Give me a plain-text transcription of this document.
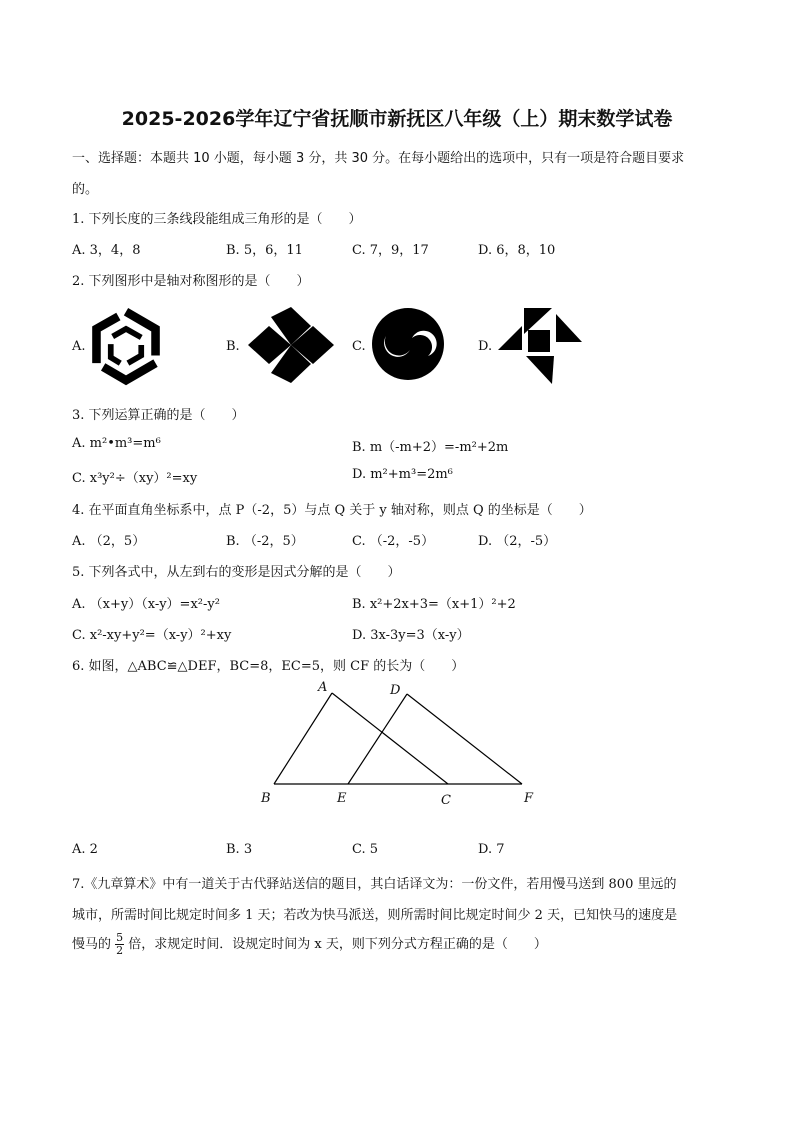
2025-2026学年辽宁省抚顺市新抚区八年级（上）期末数学试卷
一、选择题：本题共 10 小题，每小题 3 分，共 30 分。在每小题给出的选项中，只有一项是符合题目要求
的。
1. 下列长度的三条线段能组成三角形的是（　　）
A. 3，4，8	B. 5，6，11	C. 7，9，17	D. 6，8，10
2. 下列图形中是轴对称图形的是（　　）
A.	B.	C.	D.
3. 下列运算正确的是（　　）
A. m²•m³=m⁶	B. m（-m+2）=-m²+2m
C. x³y²÷（xy）²=xy	D. m²+m³=2m⁶
4. 在平面直角坐标系中，点 P（-2，5）与点 Q 关于 y 轴对称，则点 Q 的坐标是（　　）
A. （2，5）	B. （-2，5）	C. （-2，-5）	D. （2，-5）
5. 下列各式中，从左到右的变形是因式分解的是（　　）
A. （x+y）（x-y）=x²-y²	B. x²+2x+3=（x+1）²+2
C. x²-xy+y²=（x-y）²+xy	D. 3x-3y=3（x-y）
6. 如图，△ABC≌△DEF，BC=8，EC=5，则 CF 的长为（　　）
A	D
B	E	C	F
A. 2	B. 3	C. 5	D. 7
7.《九章算术》中有一道关于古代驿站送信的题目，其白话译文为：一份文件，若用慢马送到 800 里远的
城市，所需时间比规定时间多 1 天；若改为快马派送，则所需时间比规定时间少 2 天，已知快马的速度是
慢马的 $\frac{5}{2}$ 倍，求规定时间．设规定时间为 x 天，则下列分式方程正确的是（　　）
